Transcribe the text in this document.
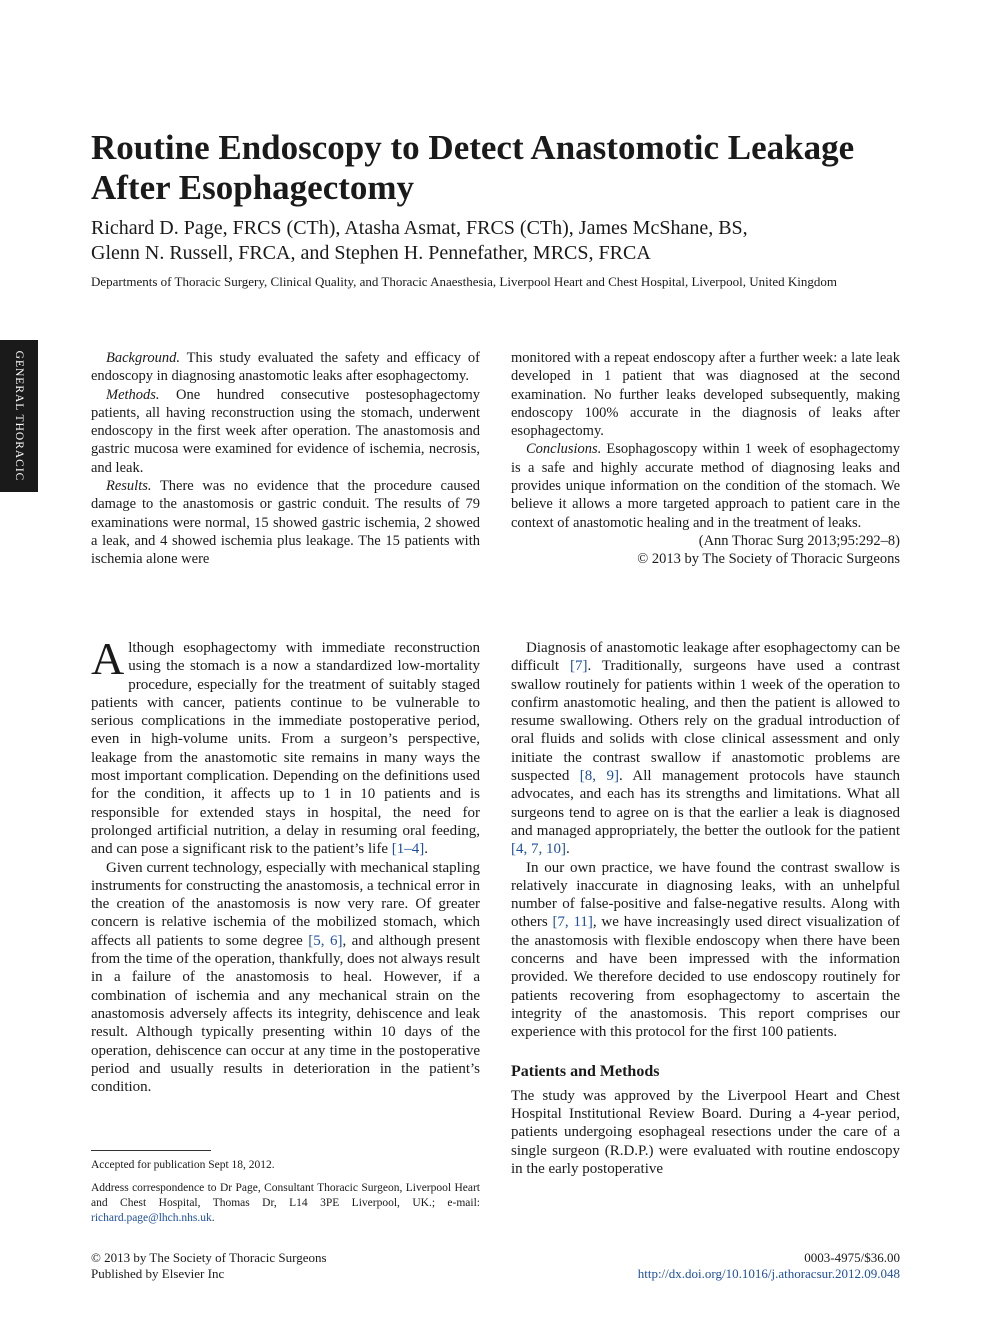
GENERAL THORACIC
Routine Endoscopy to Detect Anastomotic Leakage After Esophagectomy
Richard D. Page, FRCS (CTh), Atasha Asmat, FRCS (CTh), James McShane, BS,
Glenn N. Russell, FRCA, and Stephen H. Pennefather, MRCS, FRCA
Departments of Thoracic Surgery, Clinical Quality, and Thoracic Anaesthesia, Liverpool Heart and Chest Hospital, Liverpool, United Kingdom

Background. This study evaluated the safety and efficacy of endoscopy in diagnosing anastomotic leaks after esophagectomy.

Methods. One hundred consecutive postesophagectomy patients, all having reconstruction using the stomach, underwent endoscopy in the first week after operation. The anastomosis and gastric mucosa were examined for evidence of ischemia, necrosis, and leak.

Results. There was no evidence that the procedure caused damage to the anastomosis or gastric conduit. The results of 79 examinations were normal, 15 showed gastric ischemia, 2 showed a leak, and 4 showed ischemia plus leakage. The 15 patients with ischemia alone were

monitored with a repeat endoscopy after a further week: a late leak developed in 1 patient that was diagnosed at the second examination. No further leaks developed subsequently, making endoscopy 100% accurate in the diagnosis of leaks after esophagectomy.

Conclusions. Esophagoscopy within 1 week of esophagectomy is a safe and highly accurate method of diagnosing leaks and provides unique information on the condition of the stomach. We believe it allows a more targeted approach to patient care in the context of anastomotic healing and in the treatment of leaks.

(Ann Thorac Surg 2013;95:292–8)

© 2013 by The Society of Thoracic Surgeons

Although esophagectomy with immediate reconstruction using the stomach is a now a standardized low-mortality procedure, especially for the treatment of suitably staged patients with cancer, patients continue to be vulnerable to serious complications in the immediate postoperative period, even in high-volume units. From a surgeon’s perspective, leakage from the anastomotic site remains in many ways the most important complication. Depending on the definitions used for the condition, it affects up to 1 in 10 patients and is responsible for extended stays in hospital, the need for prolonged artificial nutrition, a delay in resuming oral feeding, and can pose a significant risk to the patient’s life [1–4].

Given current technology, especially with mechanical stapling instruments for constructing the anastomosis, a technical error in the creation of the anastomosis is now very rare. Of greater concern is relative ischemia of the mobilized stomach, which affects all patients to some degree [5, 6], and although present from the time of the operation, thankfully, does not always result in a failure of the anastomosis to heal. However, if a combination of ischemia and any mechanical strain on the anastomosis adversely affects its integrity, dehiscence and leak result. Although typically presenting within 10 days of the operation, dehiscence can occur at any time in the postoperative period and usually results in deterioration in the patient’s condition.

Diagnosis of anastomotic leakage after esophagectomy can be difficult [7]. Traditionally, surgeons have used a contrast swallow routinely for patients within 1 week of the operation to confirm anastomotic healing, and then the patient is allowed to resume swallowing. Others rely on the gradual introduction of oral fluids and solids with close clinical assessment and only initiate the contrast swallow if anastomotic problems are suspected [8, 9]. All management protocols have staunch advocates, and each has its strengths and limitations. What all surgeons tend to agree on is that the earlier a leak is diagnosed and managed appropriately, the better the outlook for the patient [4, 7, 10].

In our own practice, we have found the contrast swallow is relatively inaccurate in diagnosing leaks, with an unhelpful number of false-positive and false-negative results. Along with others [7, 11], we have increasingly used direct visualization of the anastomosis with flexible endoscopy when there have been concerns and have been impressed with the information provided. We therefore decided to use endoscopy routinely for patients recovering from esophagectomy to ascertain the integrity of the anastomosis. This report comprises our experience with this protocol for the first 100 patients.

Patients and Methods

The study was approved by the Liverpool Heart and Chest Hospital Institutional Review Board. During a 4-year period, patients undergoing esophageal resections under the care of a single surgeon (R.D.P.) were evaluated with routine endoscopy in the early postoperative

Accepted for publication Sept 18, 2012.

Address correspondence to Dr Page, Consultant Thoracic Surgeon, Liverpool Heart and Chest Hospital, Thomas Dr, L14 3PE Liverpool, UK.; e-mail: richard.page@lhch.nhs.uk.

© 2013 by The Society of Thoracic Surgeons
Published by Elsevier Inc
0003-4975/$36.00
http://dx.doi.org/10.1016/j.athoracsur.2012.09.048
